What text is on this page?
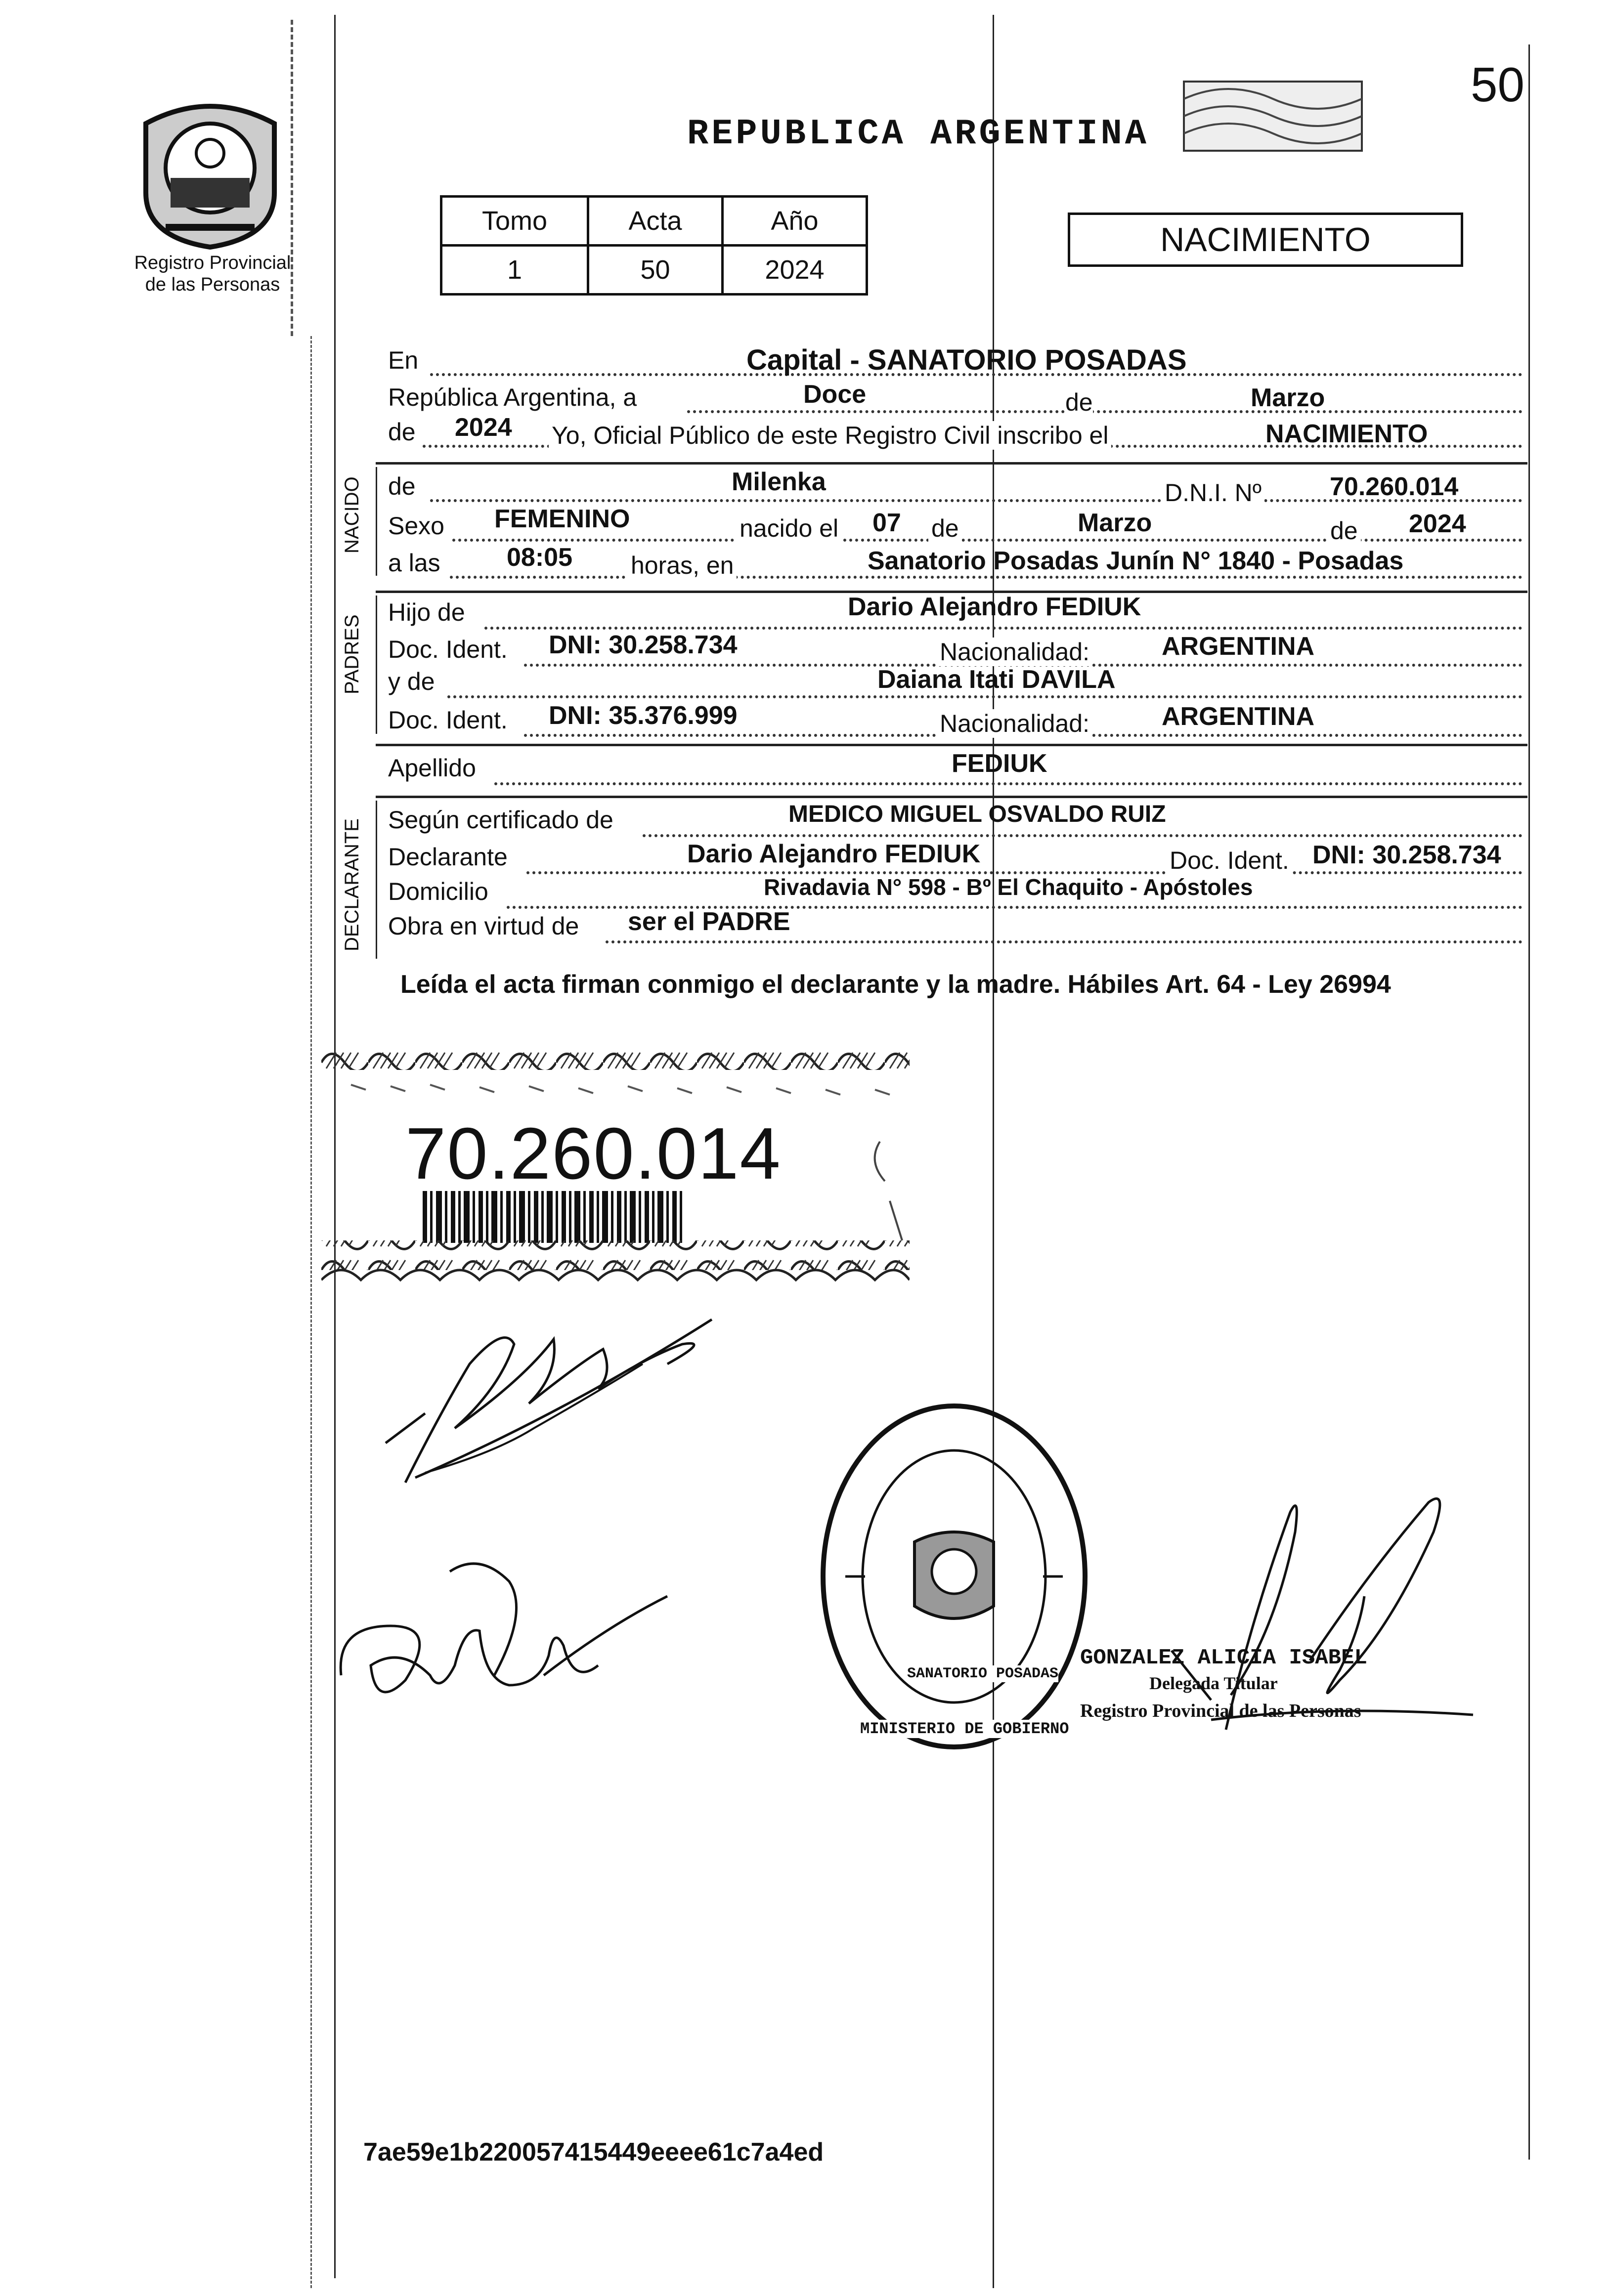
50
Registro Provincial
de las Personas
REPUBLICA ARGENTINA
Tomo	Acta	Año
1	50	2024
NACIMIENTO
En	Capital - SANATORIO POSADAS
República Argentina, a	Doce	de	Marzo
de 2024 Yo, Oficial Público de este Registro Civil inscribo el	NACIMIENTO
NACIDO de	Milenka	D.N.I. Nº	70.260.014
Sexo FEMENINO	nacido el 07 de	Marzo	de 2024
a las	08:05 horas, en	Sanatorio Posadas Junín N° 1840 - Posadas
PADRES
Hijo de	Dario Alejandro FEDIUK
Doc. Ident. DNI: 30.258.734	Nacionalidad:	ARGENTINA
y de	Daiana Itati DAVILA
Doc. Ident. DNI: 35.376.999	Nacionalidad:	ARGENTINA
Apellido	FEDIUK
DECLARANTE Según certificado de	MEDICO MIGUEL OSVALDO RUIZ
Declarante	Dario Alejandro FEDIUK	Doc. Ident. DNI: 30.258.734
Domicilio	Rivadavia N° 598 - Bº El Chaquito - Apóstoles
Obra en virtud de ser el PADRE
Leída el acta firman conmigo el declarante y la madre. Hábiles Art. 64 - Ley 26994
70.260.014
SANATORIO POSADAS
MINISTERIO DE GOBIERNO
GONZALEZ ALICIA ISABEL
Delegada Titular
Registro Provincial de las Personas
7ae59e1b220057415449eeee61c7a4ed
